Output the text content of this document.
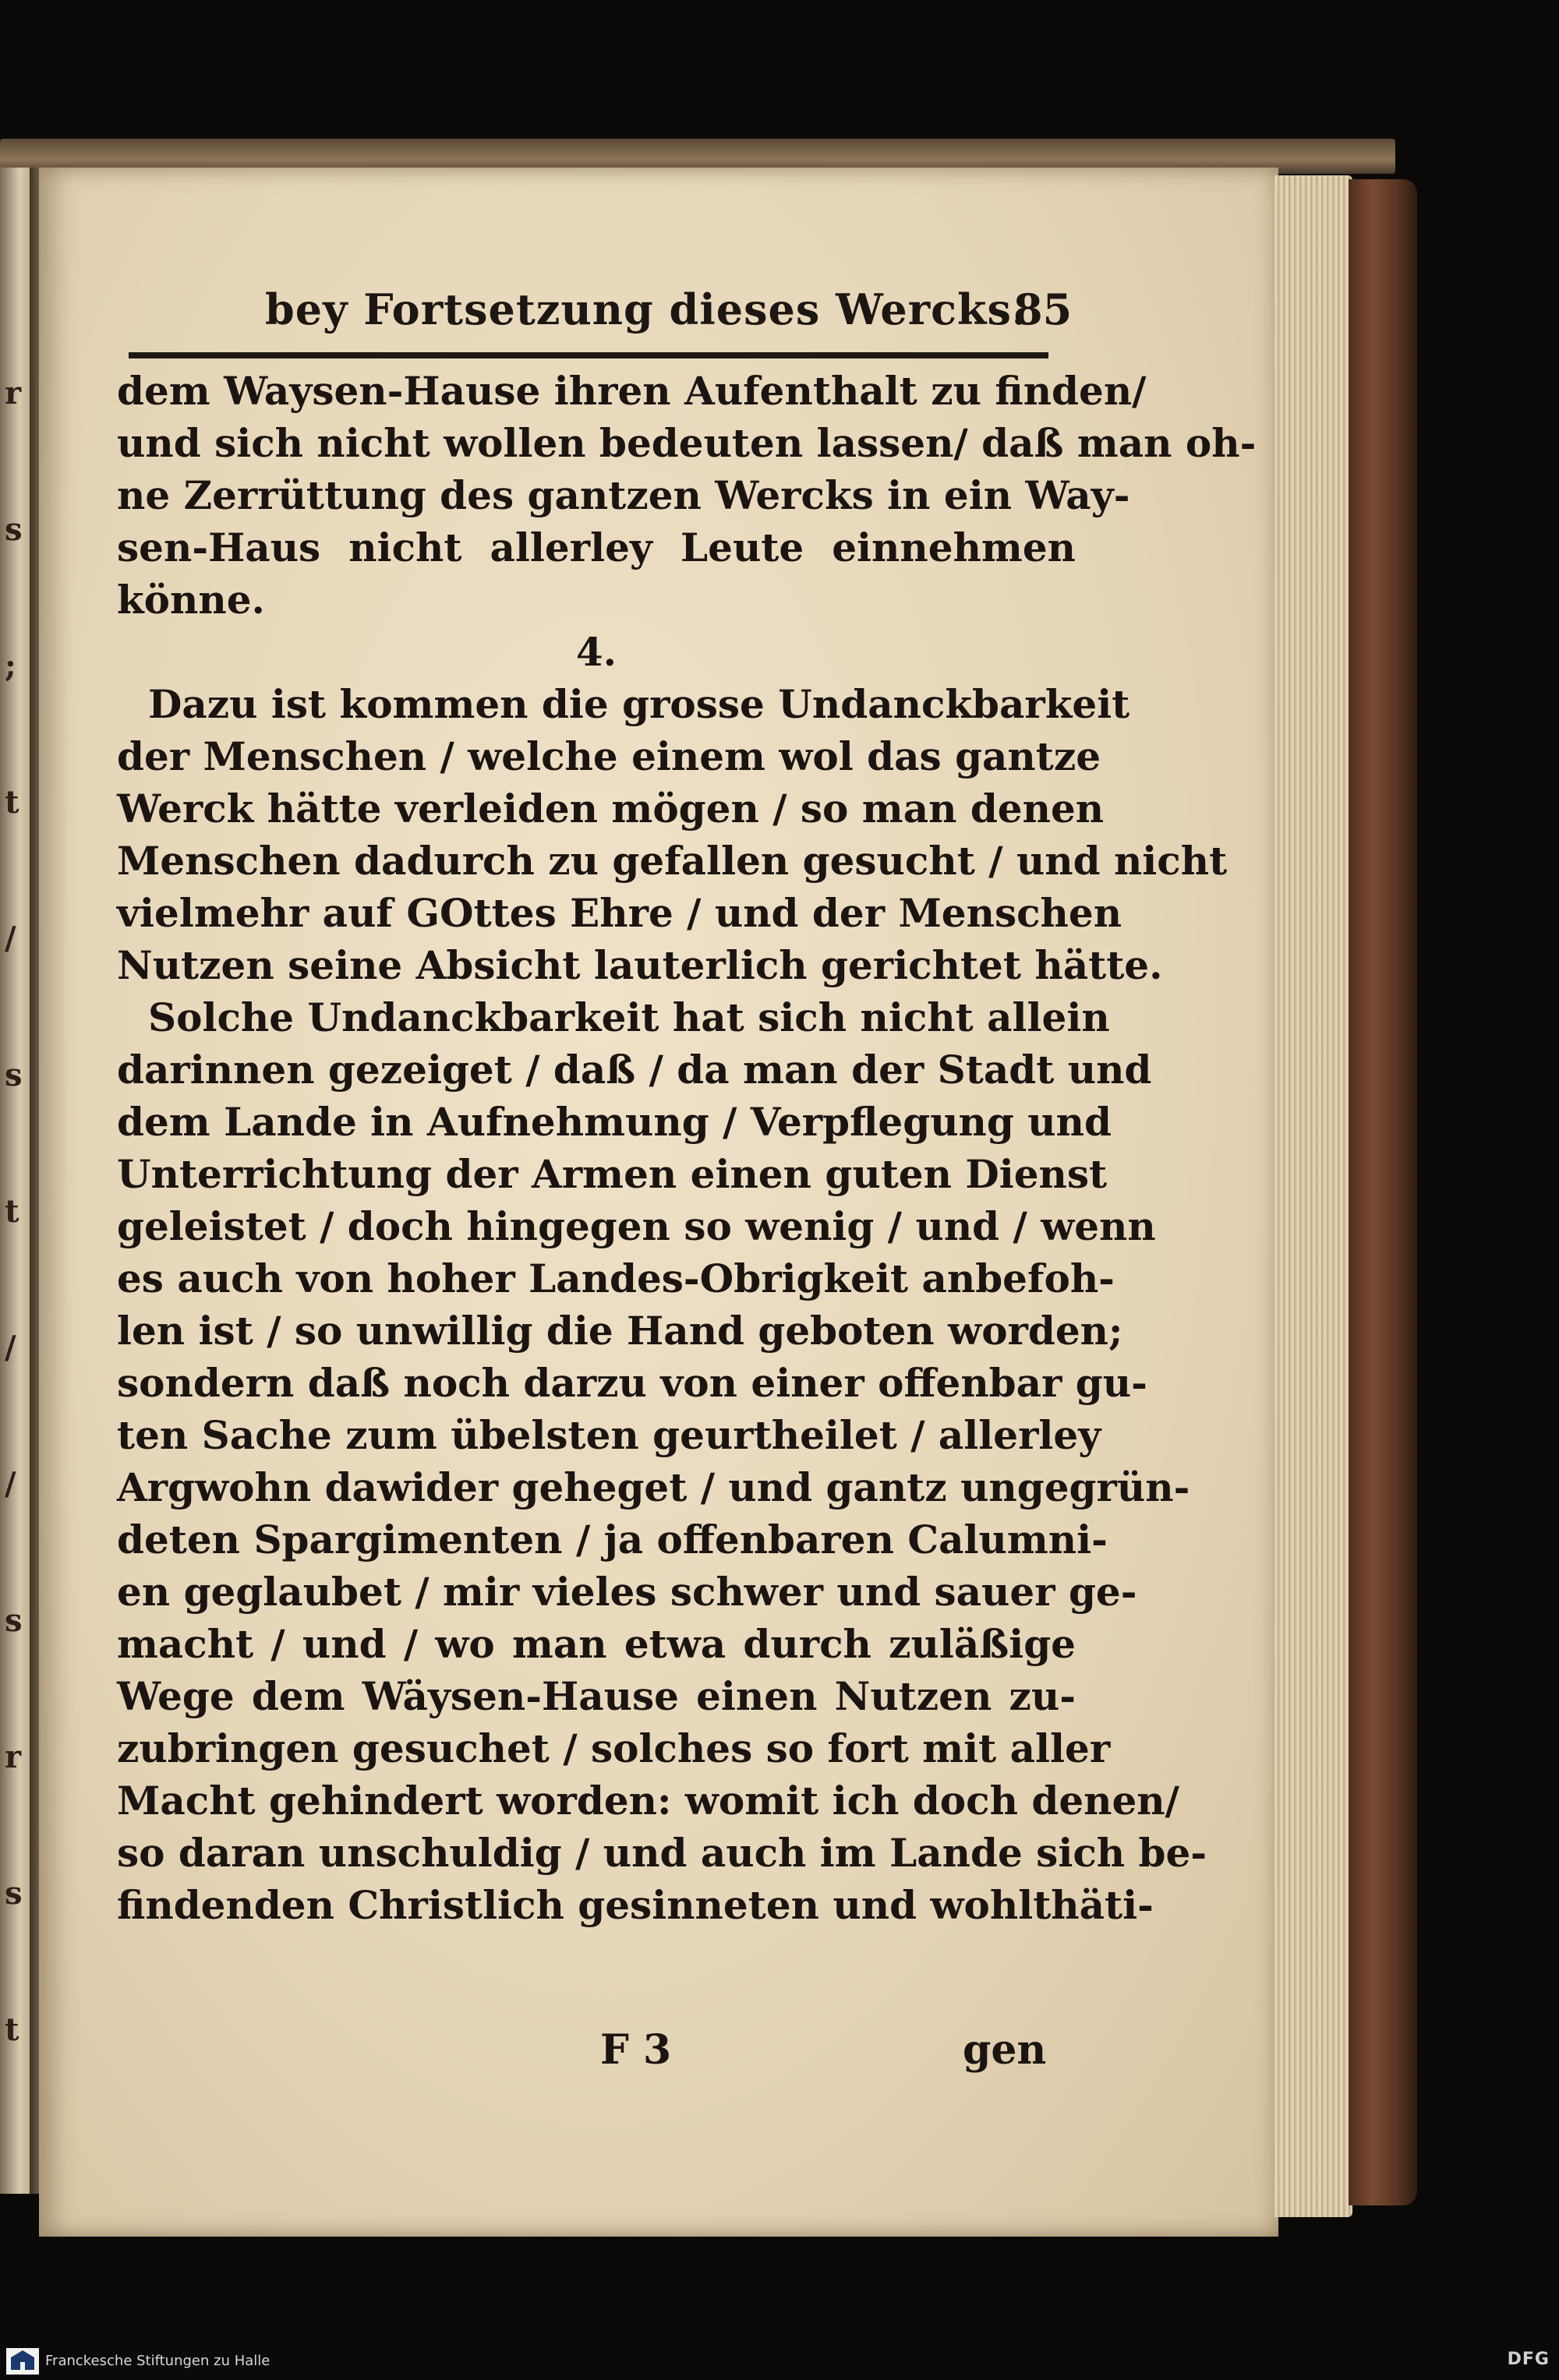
r
s
;
t
/
s
t
/
/
s
r
s
t
bey Fortsetzung dieses Wercks.
85
dem Waysen-Hause ihren Aufenthalt zu finden/
und sich nicht wollen bedeuten lassen/ daß man oh-
ne Zerrüttung des gantzen Wercks in ein Way-
sen-Haus nicht allerley Leute einnehmen
könne.
4.
Dazu ist kommen die grosse Undanckbarkeit
der Menschen / welche einem wol das gantze
Werck hätte verleiden mögen / so man denen
Menschen dadurch zu gefallen gesucht / und nicht
vielmehr auf GOttes Ehre / und der Menschen
Nutzen seine Absicht lauterlich gerichtet hätte.
Solche Undanckbarkeit hat sich nicht allein
darinnen gezeiget / daß / da man der Stadt und
dem Lande in Aufnehmung / Verpflegung und
Unterrichtung der Armen einen guten Dienst
geleistet / doch hingegen so wenig / und / wenn
es auch von hoher Landes-Obrigkeit anbefoh-
len ist / so unwillig die Hand geboten worden;
sondern daß noch darzu von einer offenbar gu-
ten Sache zum übelsten geurtheilet / allerley
Argwohn dawider geheget / und gantz ungegrün-
deten Spargimenten / ja offenbaren Calumni-
en geglaubet / mir vieles schwer und sauer ge-
macht / und / wo man etwa durch zuläßige
Wege dem Wäysen-Hause einen Nutzen zu-
zubringen gesuchet / solches so fort mit aller
Macht gehindert worden: womit ich doch denen/
so daran unschuldig / und auch im Lande sich be-
findenden Christlich gesinneten und wohlthäti-
F 3	gen
Franckesche Stiftungen zu Halle	DFG
